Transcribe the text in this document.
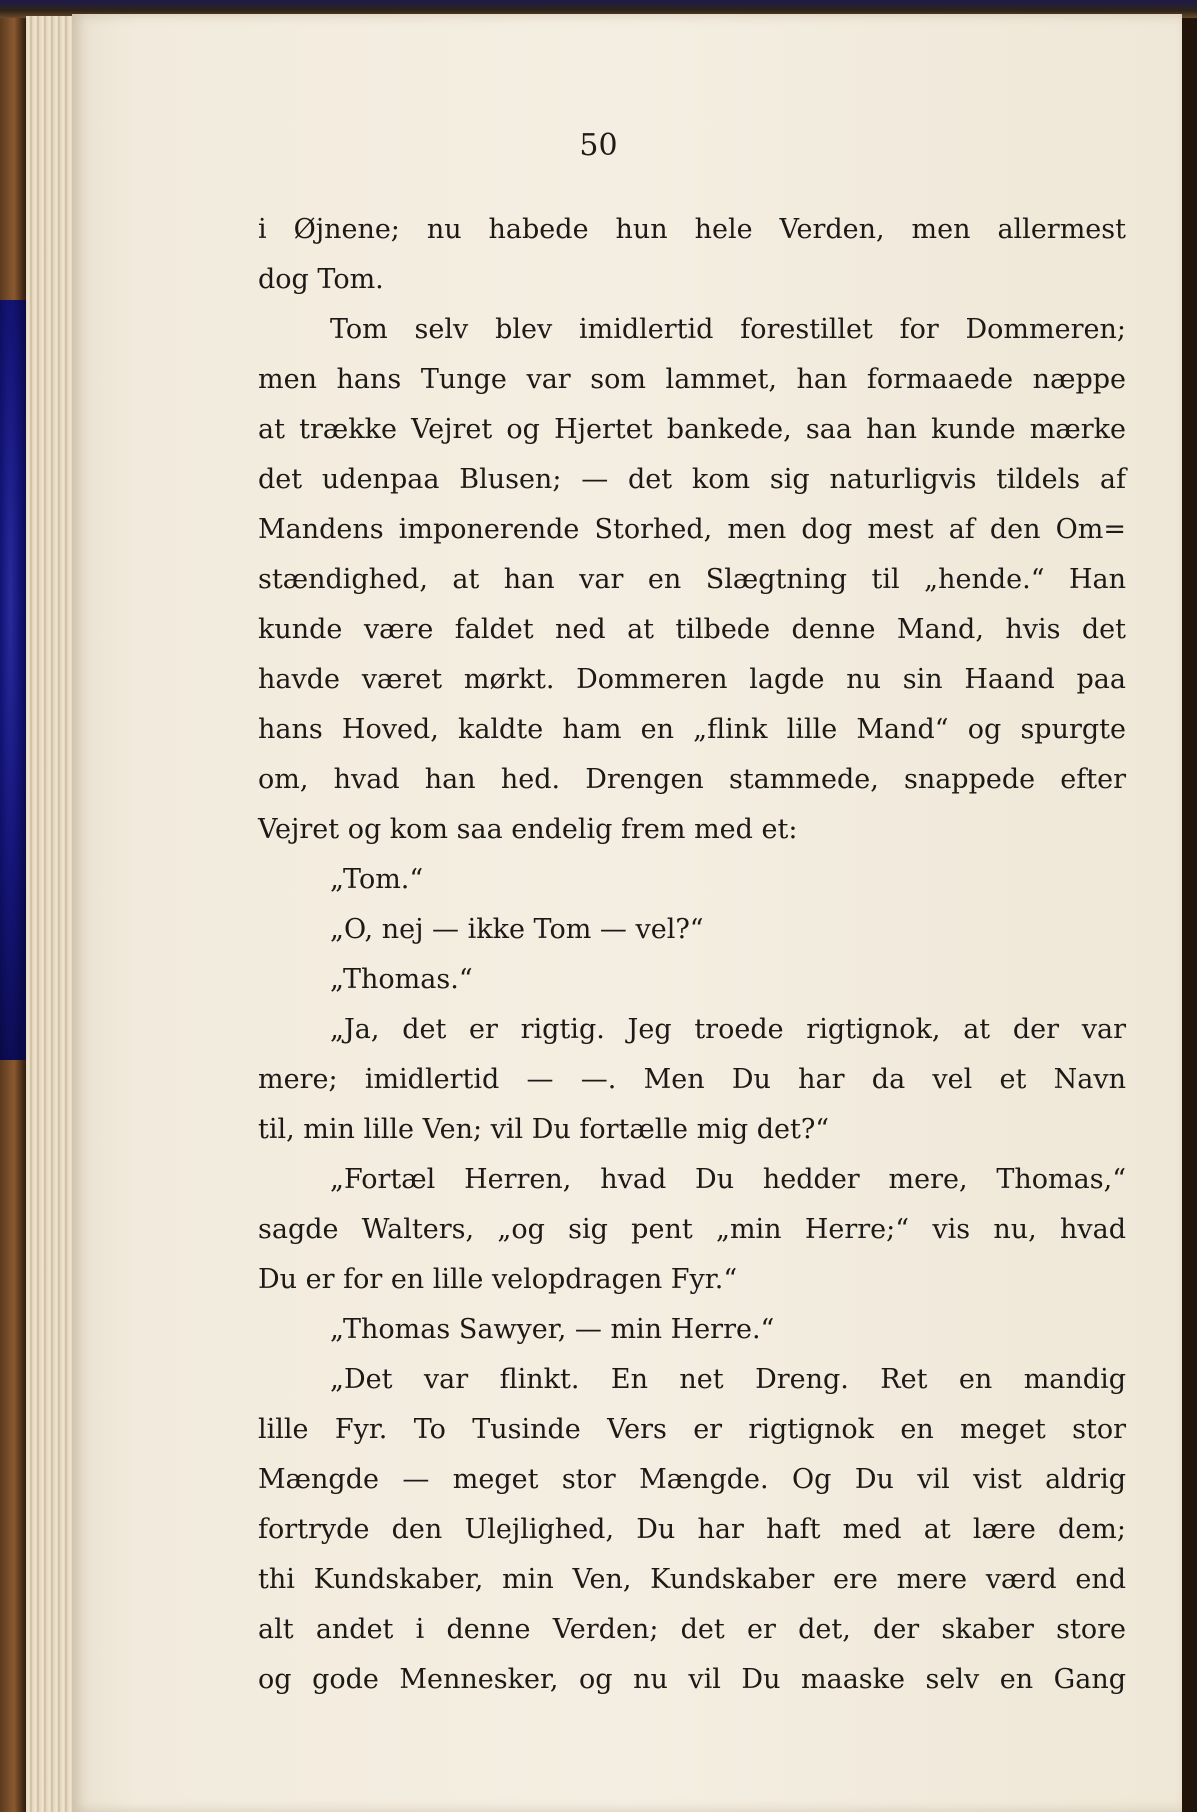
50
i Øjnene; nu habede hun hele Verden, men allermest
dog Tom.
Tom selv blev imidlertid forestillet for Dommeren;
men hans Tunge var som lammet, han formaaede næppe
at trække Vejret og Hjertet bankede, saa han kunde mærke
det udenpaa Blusen; — det kom sig naturligvis tildels af
Mandens imponerende Storhed, men dog mest af den Om=
stændighed, at han var en Slægtning til „hende.“ Han
kunde være faldet ned at tilbede denne Mand, hvis det
havde været mørkt. Dommeren lagde nu sin Haand paa
hans Hoved, kaldte ham en „flink lille Mand“ og spurgte
om, hvad han hed. Drengen stammede, snappede efter
Vejret og kom saa endelig frem med et:
„Tom.“
„O, nej — ikke Tom — vel?“
„Thomas.“
„Ja, det er rigtig. Jeg troede rigtignok, at der var
mere; imidlertid — —. Men Du har da vel et Navn
til, min lille Ven; vil Du fortælle mig det?“
„Fortæl Herren, hvad Du hedder mere, Thomas,“
sagde Walters, „og sig pent „min Herre;“ vis nu, hvad
Du er for en lille velopdragen Fyr.“
„Thomas Sawyer, — min Herre.“
„Det var flinkt. En net Dreng. Ret en mandig
lille Fyr. To Tusinde Vers er rigtignok en meget stor
Mængde — meget stor Mængde. Og Du vil vist aldrig
fortryde den Ulejlighed, Du har haft med at lære dem;
thi Kundskaber, min Ven, Kundskaber ere mere værd end
alt andet i denne Verden; det er det, der skaber store
og gode Mennesker, og nu vil Du maaske selv en Gang
